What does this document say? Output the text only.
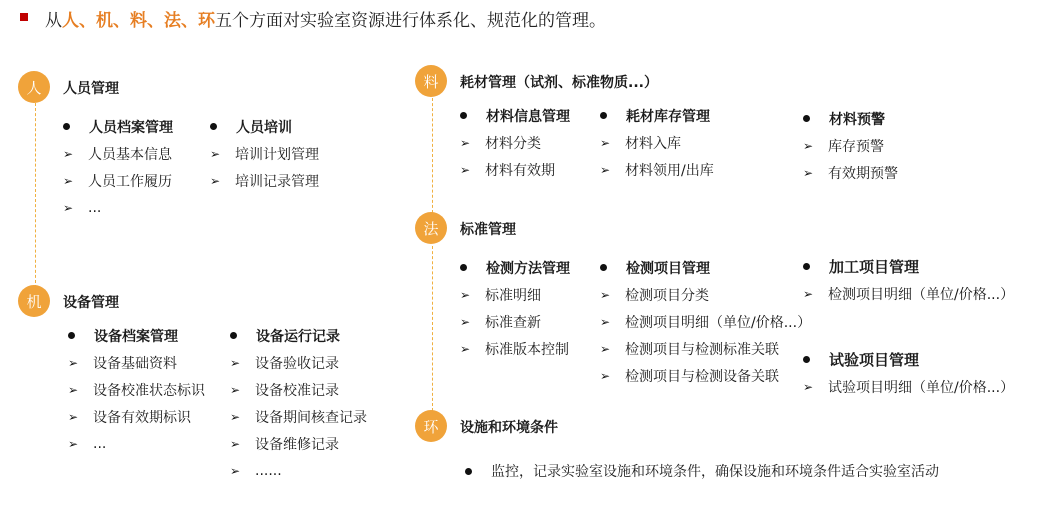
从人、机、料、法、环五个方面对实验室资源进行体系化、规范化的管理。
人 人员管理
人员档案管理
➢	人员基本信息
➢	人员工作履历
➢	...
人员培训
➢	培训计划管理
➢	培训记录管理
机 设备管理
设备档案管理
➢	设备基础资料
➢	设备校准状态标识
➢	设备有效期标识
➢	...
设备运行记录
➢	设备验收记录
➢	设备校准记录
➢	设备期间核查记录
➢	设备维修记录
➢	......
料 耗材管理（试剂、标准物质...）
材料信息管理
➢	材料分类
➢	材料有效期
耗材库存管理
➢	材料入库
➢	材料领用/出库
材料预警
➢	库存预警
➢	有效期预警
法 标准管理
检测方法管理
➢	标准明细
➢	标准查新
➢	标准版本控制
检测项目管理
➢	检测项目分类
➢	检测项目明细（单位/价格...）
➢	检测项目与检测标准关联
➢	检测项目与检测设备关联
加工项目管理
➢	检测项目明细（单位/价格...）
试验项目管理
➢	试验项目明细（单位/价格...）
环 设施和环境条件
监控，记录实验室设施和环境条件，确保设施和环境条件适合实验室活动
